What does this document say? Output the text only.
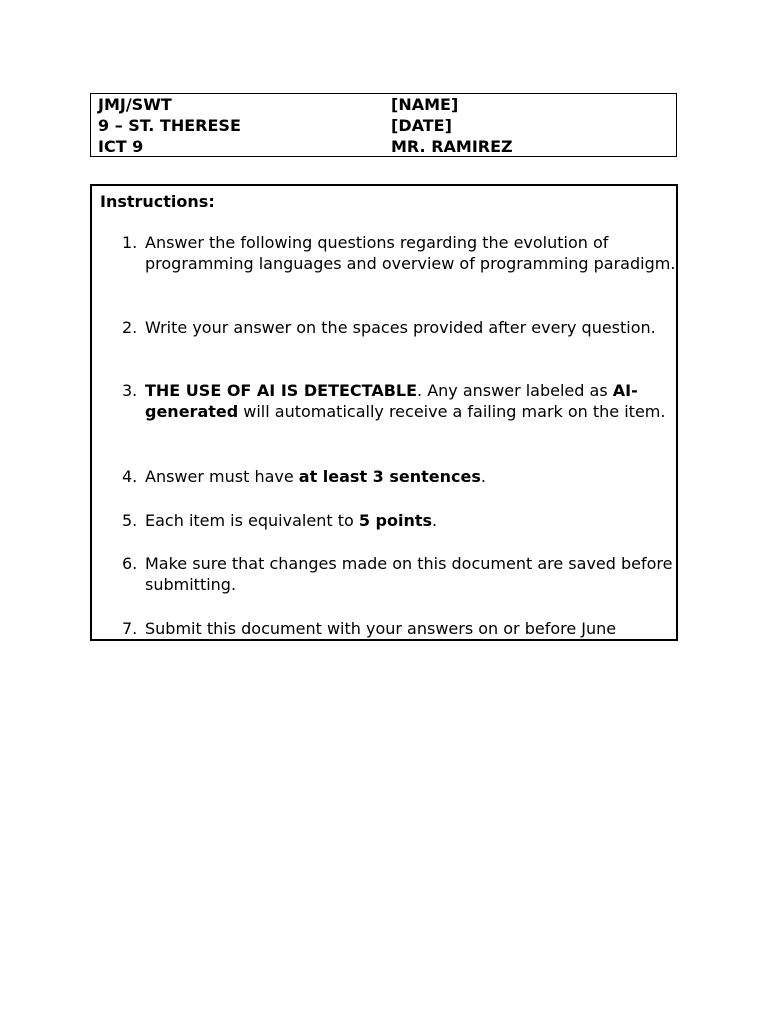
JMJ/SWT
9 – ST. THERESE
ICT 9
[NAME]
[DATE]
MR. RAMIREZ
Instructions:
1. Answer the following questions regarding the evolution of programming languages and overview of programming paradigm.
2. Write your answer on the spaces provided after every question.
3. THE USE OF AI IS DETECTABLE. Any answer labeled as AI-generated will automatically receive a failing mark on the item.
4. Answer must have at least 3 sentences.
5. Each item is equivalent to 5 points.
6. Make sure that changes made on this document are saved before submitting.
7. Submit this document with your answers on or before June
